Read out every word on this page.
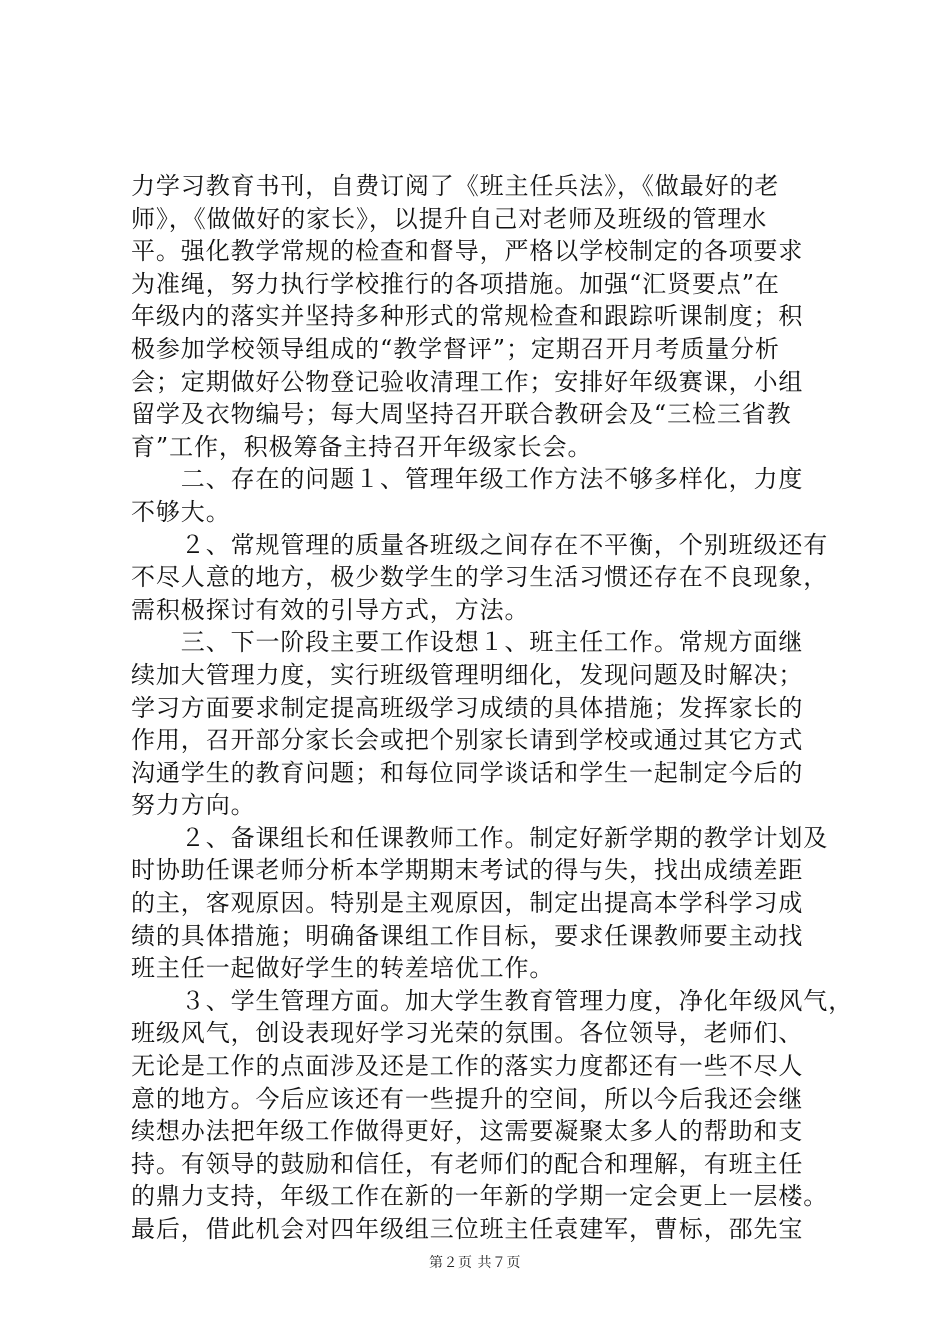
力学习教育书刊，自费订阅了《班主任兵法》，《做最好的老
师》，《做做好的家长》，以提升自己对老师及班级的管理水
平。强化教学常规的检查和督导，严格以学校制定的各项要求
为准绳，努力执行学校推行的各项措施。加强“汇贤要点”在
年级内的落实并坚持多种形式的常规检查和跟踪听课制度；积
极参加学校领导组成的“教学督评”；定期召开月考质量分析
会；定期做好公物登记验收清理工作；安排好年级赛课，小组
留学及衣物编号；每大周坚持召开联合教研会及“三检三省教
育”工作，积极筹备主持召开年级家长会。
　　二、存在的问题１、管理年级工作方法不够多样化，力度
不够大。
　　２、常规管理的质量各班级之间存在不平衡，个别班级还有
不尽人意的地方，极少数学生的学习生活习惯还存在不良现象，
需积极探讨有效的引导方式，方法。
　　三、下一阶段主要工作设想１、班主任工作。常规方面继
续加大管理力度，实行班级管理明细化，发现问题及时解决；
学习方面要求制定提高班级学习成绩的具体措施；发挥家长的
作用，召开部分家长会或把个别家长请到学校或通过其它方式
沟通学生的教育问题；和每位同学谈话和学生一起制定今后的
努力方向。
　　２、备课组长和任课教师工作。制定好新学期的教学计划及
时协助任课老师分析本学期期末考试的得与失，找出成绩差距
的主，客观原因。特别是主观原因，制定出提高本学科学习成
绩的具体措施；明确备课组工作目标，要求任课教师要主动找
班主任一起做好学生的转差培优工作。
　　３、学生管理方面。加大学生教育管理力度，净化年级风气，
班级风气，创设表现好学习光荣的氛围。各位领导，老师们、
无论是工作的点面涉及还是工作的落实力度都还有一些不尽人
意的地方。今后应该还有一些提升的空间，所以今后我还会继
续想办法把年级工作做得更好，这需要凝聚太多人的帮助和支
持。有领导的鼓励和信任，有老师们的配合和理解，有班主任
的鼎力支持，年级工作在新的一年新的学期一定会更上一层楼。
最后，借此机会对四年级组三位班主任袁建军，曹标，邵先宝
第２页 共７页
